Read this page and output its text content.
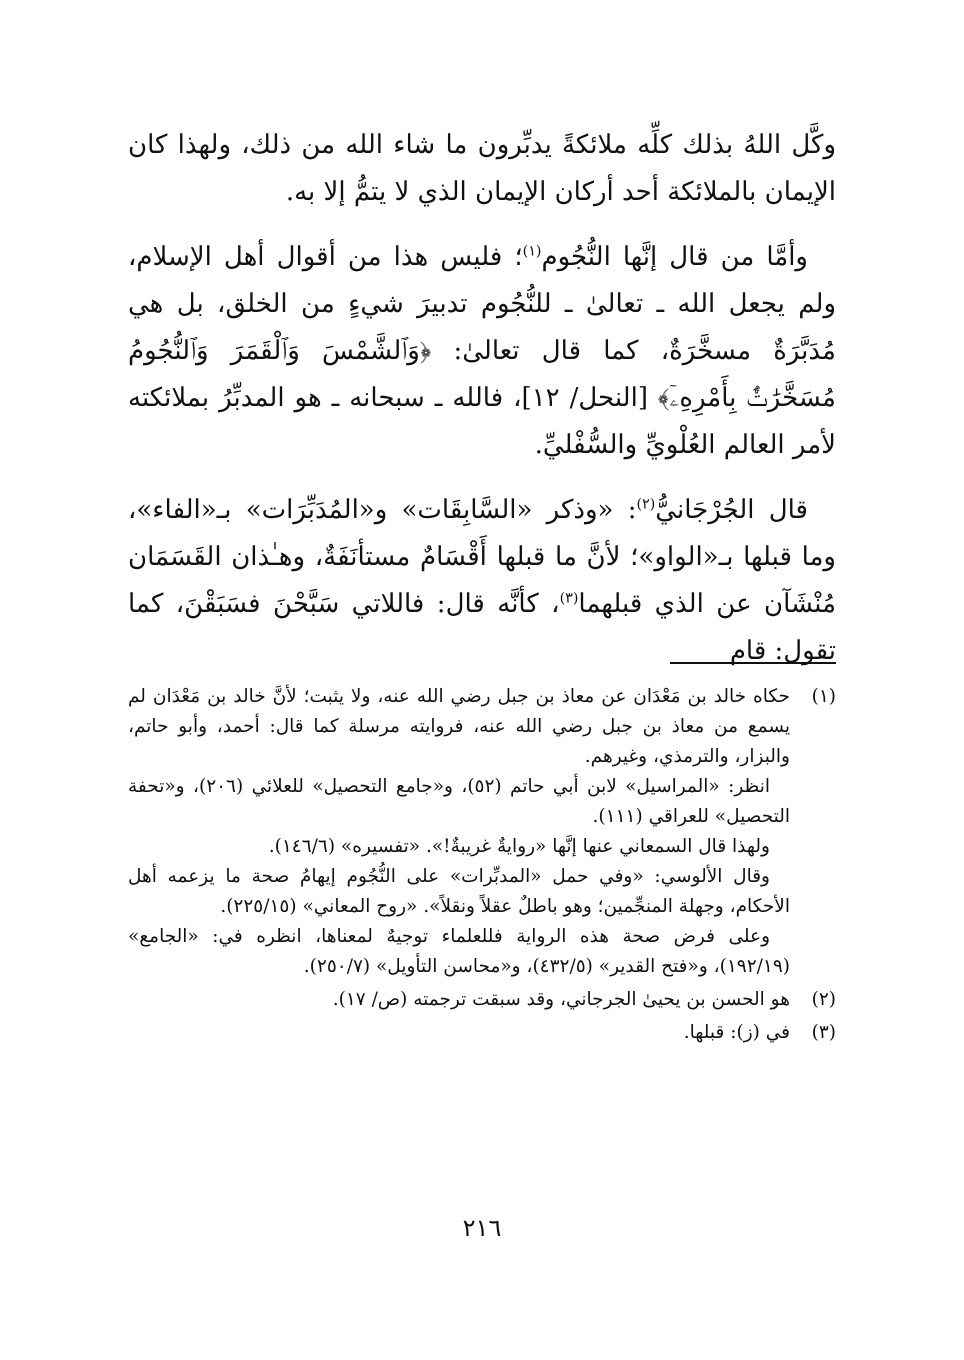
وكَّل اللهُ بذلك كلِّه ملائكةً يدبِّرون ما شاء الله من ذلك، ولهذا كان الإيمان بالملائكة أحد أركان الإيمان الذي لا يتمُّ إلا به.

وأمَّا من قال إنَّها النُّجُوم$^{(١)}$؛ فليس هذا من أقوال أهل الإسلام، ولم يجعل الله ـ تعالىٰ ـ للنُّجُوم تدبيرَ شيءٍ من الخلق، بل هي مُدَبَّرَةٌ مسخَّرَةٌ، كما قال تعالىٰ: ﴿وَٱلشَّمْسَ وَٱلْقَمَرَ وَٱلنُّجُومُ مُسَخَّرَٰتٌۢ بِأَمْرِهِۦٓ﴾ [النحل/ ١٢]، فالله ـ سبحانه ـ هو المدبِّرُ بملائكته لأمر العالم العُلْويِّ والسُّفْليِّ.

قال الجُرْجَانيُّ$^{(٢)}$: «وذكر «السَّابِقَات» و«المُدَبِّرَات» بـ«الفاء»، وما قبلها بـ«الواو»؛ لأنَّ ما قبلها أَقْسَامٌ مستأنَفَةٌ، وهـٰذان القَسَمَان مُنْشَآن عن الذي قبلهما$^{(٣)}$، كأنَّه قال: فاللاتي سَبَّحْنَ فسَبَقْنَ، كما تقول: قام

(١)

حكاه خالد بن مَعْدَان عن معاذ بن جبل رضي الله عنه، ولا يثبت؛ لأنَّ خالد بن مَعْدَان لم يسمع من معاذ بن جبل رضي الله عنه، فروايته مرسلة كما قال: أحمد، وأبو حاتم، والبزار، والترمذي، وغيرهم.

انظر: «المراسيل» لابن أبي حاتم (٥٢)، و«جامع التحصيل» للعلائي (٢٠٦)، و«تحفة التحصيل» للعراقي (١١١).

ولهذا قال السمعاني عنها إنَّها «روايةٌ غريبةٌ!». «تفسيره» (١٤٦/٦).

وقال الألوسي: «وفي حمل «المدبِّرات» على النُّجُوم إيهامُ صحة ما يزعمه أهل الأحكام، وجهلة المنجِّمين؛ وهو باطلٌ عقلاً ونقلاً». «روح المعاني» (٢٢٥/١٥).

وعلى فرض صحة هذه الرواية فللعلماء توجيهٌ لمعناها، انظره في: «الجامع» (١٩٢/١٩)، و«فتح القدير» (٤٣٢/٥)، و«محاسن التأويل» (٢٥٠/٧).

(٢)

هو الحسن بن يحيىٰ الجرجاني، وقد سبقت ترجمته (ص/ ١٧).

(٣)

في (ز): قبلها.

٢١٦
